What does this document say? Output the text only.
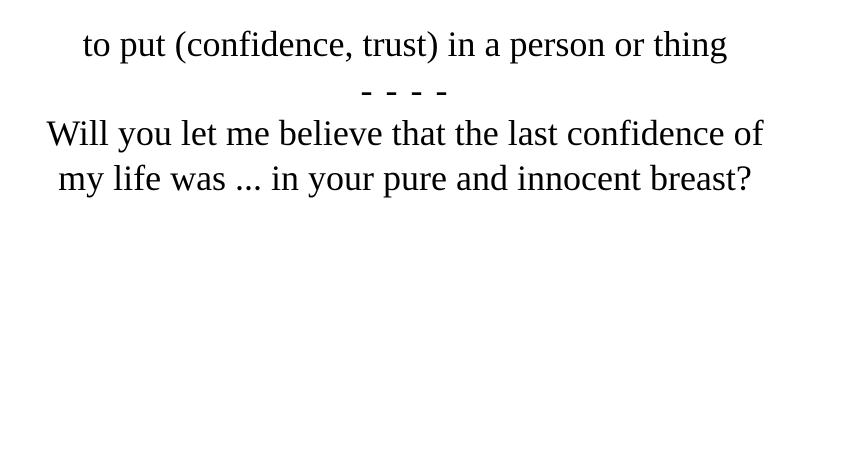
to put (confidence, trust) in a person or thing

- - - -

Will you let me believe that the last confidence of my life was ... in your pure and innocent breast?
